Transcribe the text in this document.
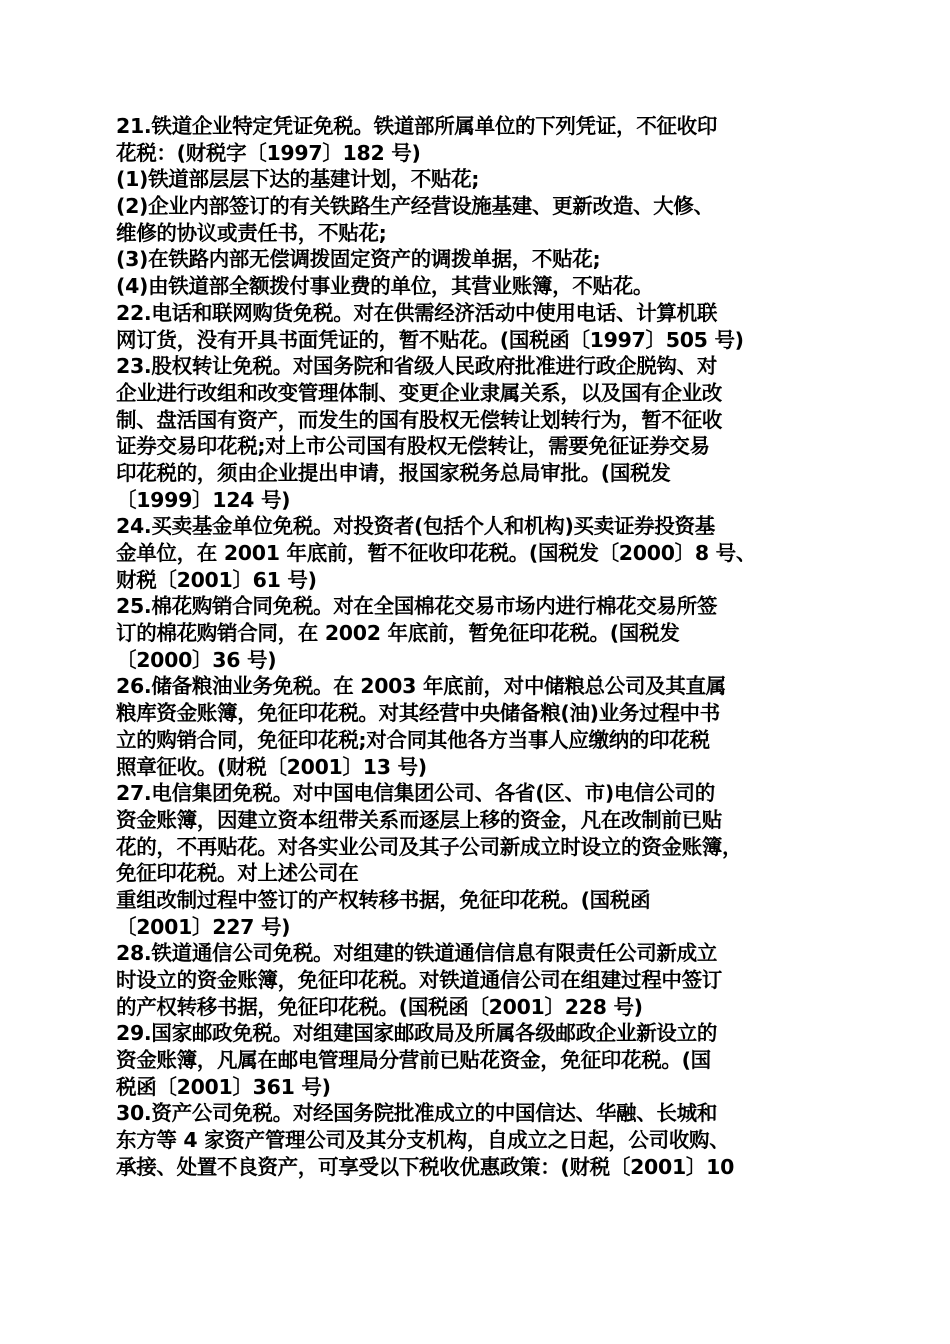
21.铁道企业特定凭证免税。铁道部所属单位的下列凭证，不征收印
花税：(财税字〔1997〕182 号)
(1)铁道部层层下达的基建计划，不贴花;
(2)企业内部签订的有关铁路生产经营设施基建、更新改造、大修、
维修的协议或责任书，不贴花;
(3)在铁路内部无偿调拨固定资产的调拨单据，不贴花;
(4)由铁道部全额拨付事业费的单位，其营业账簿，不贴花。
22.电话和联网购货免税。对在供需经济活动中使用电话、计算机联
网订货，没有开具书面凭证的，暂不贴花。(国税函〔1997〕505 号)
23.股权转让免税。对国务院和省级人民政府批准进行政企脱钩、对
企业进行改组和改变管理体制、变更企业隶属关系，以及国有企业改
制、盘活国有资产，而发生的国有股权无偿转让划转行为，暂不征收
证券交易印花税;对上市公司国有股权无偿转让，需要免征证券交易
印花税的，须由企业提出申请，报国家税务总局审批。(国税发
〔1999〕124 号)
24.买卖基金单位免税。对投资者(包括个人和机构)买卖证券投资基
金单位，在 2001 年底前，暂不征收印花税。(国税发〔2000〕8 号、
财税〔2001〕61 号)
25.棉花购销合同免税。对在全国棉花交易市场内进行棉花交易所签
订的棉花购销合同，在 2002 年底前，暂免征印花税。(国税发
〔2000〕36 号)
26.储备粮油业务免税。在 2003 年底前，对中储粮总公司及其直属
粮库资金账簿，免征印花税。对其经营中央储备粮(油)业务过程中书
立的购销合同，免征印花税;对合同其他各方当事人应缴纳的印花税
照章征收。(财税〔2001〕13 号)
27.电信集团免税。对中国电信集团公司、各省(区、市)电信公司的
资金账簿，因建立资本纽带关系而逐层上移的资金，凡在改制前已贴
花的，不再贴花。对各实业公司及其子公司新成立时设立的资金账簿，
免征印花税。对上述公司在
重组改制过程中签订的产权转移书据，免征印花税。(国税函
〔2001〕227 号)
28.铁道通信公司免税。对组建的铁道通信信息有限责任公司新成立
时设立的资金账簿，免征印花税。对铁道通信公司在组建过程中签订
的产权转移书据，免征印花税。(国税函〔2001〕228 号)
29.国家邮政免税。对组建国家邮政局及所属各级邮政企业新设立的
资金账簿，凡属在邮电管理局分营前已贴花资金，免征印花税。(国
税函〔2001〕361 号)
30.资产公司免税。对经国务院批准成立的中国信达、华融、长城和
东方等 4 家资产管理公司及其分支机构，自成立之日起，公司收购、
承接、处置不良资产，可享受以下税收优惠政策：(财税〔2001〕10
